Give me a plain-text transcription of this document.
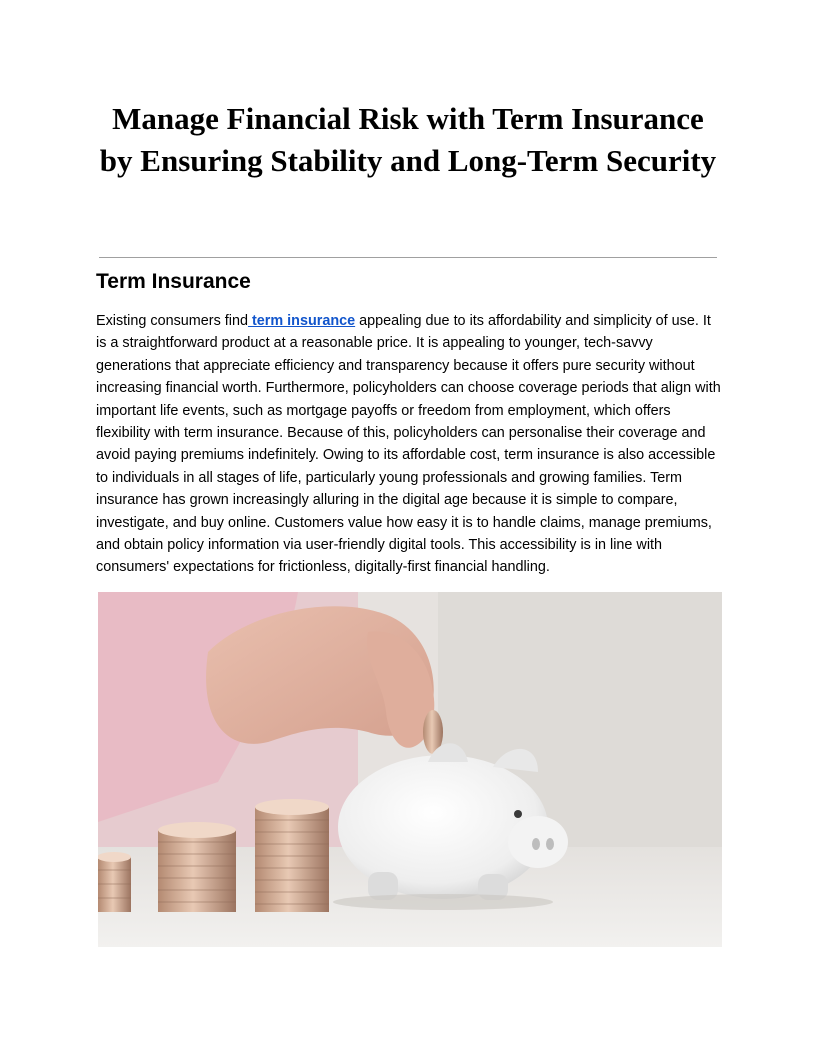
Manage Financial Risk with Term Insurance by Ensuring Stability and Long-Term Security
Term Insurance

Existing consumers find term insurance appealing due to its affordability and simplicity of use. It is a straightforward product at a reasonable price. It is appealing to younger, tech-savvy generations that appreciate efficiency and transparency because it offers pure security without increasing financial worth. Furthermore, policyholders can choose coverage periods that align with important life events, such as mortgage payoffs or freedom from employment, which offers flexibility with term insurance. Because of this, policyholders can personalise their coverage and avoid paying premiums indefinitely. Owing to its affordable cost, term insurance is also accessible to individuals in all stages of life, particularly young professionals and growing families. Term insurance has grown increasingly alluring in the digital age because it is simple to compare, investigate, and buy online. Customers value how easy it is to handle claims, manage premiums, and obtain policy information via user-friendly digital tools. This accessibility is in line with consumers' expectations for frictionless, digitally-first financial handling.
